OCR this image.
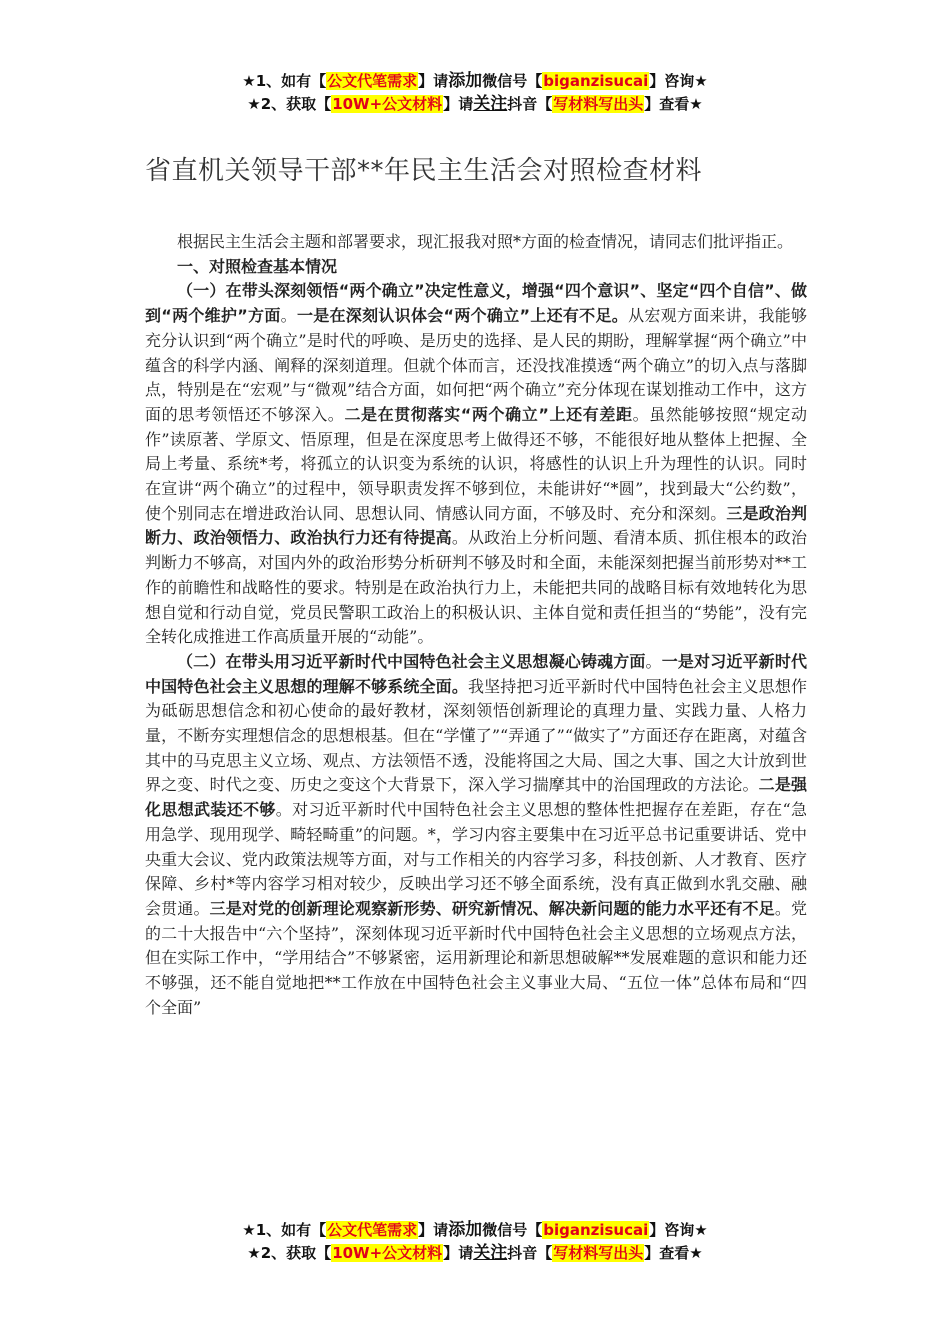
★1、如有【公文代笔需求】请添加微信号【biganzisucai】咨询★
★2、获取【10W+公文材料】请关注抖音【写材料写出头】查看★
省直机关领导干部**年民主生活会对照检查材料

根据民主生活会主题和部署要求，现汇报我对照*方面的检查情况，请同志们批评指正。

一、对照检查基本情况

（一）在带头深刻领悟“两个确立”决定性意义，增强“四个意识”、坚定“四个自信”、做到“两个维护”方面。一是在深刻认识体会“两个确立”上还有不足。从宏观方面来讲，我能够充分认识到“两个确立”是时代的呼唤、是历史的选择、是人民的期盼，理解掌握“两个确立”中蕴含的科学内涵、阐释的深刻道理。但就个体而言，还没找准摸透“两个确立”的切入点与落脚点，特别是在“宏观”与“微观”结合方面，如何把“两个确立”充分体现在谋划推动工作中，这方面的思考领悟还不够深入。二是在贯彻落实“两个确立”上还有差距。虽然能够按照“规定动作”读原著、学原文、悟原理，但是在深度思考上做得还不够，不能很好地从整体上把握、全局上考量、系统*考，将孤立的认识变为系统的认识，将感性的认识上升为理性的认识。同时在宣讲“两个确立”的过程中，领导职责发挥不够到位，未能讲好“*圆”，找到最大“公约数”，使个别同志在增进政治认同、思想认同、情感认同方面，不够及时、充分和深刻。三是政治判断力、政治领悟力、政治执行力还有待提高。从政治上分析问题、看清本质、抓住根本的政治判断力不够高，对国内外的政治形势分析研判不够及时和全面，未能深刻把握当前形势对**工作的前瞻性和战略性的要求。特别是在政治执行力上，未能把共同的战略目标有效地转化为思想自觉和行动自觉，党员民警职工政治上的积极认识、主体自觉和责任担当的“势能”，没有完全转化成推进工作高质量开展的“动能”。

（二）在带头用习近平新时代中国特色社会主义思想凝心铸魂方面。一是对习近平新时代中国特色社会主义思想的理解不够系统全面。我坚持把习近平新时代中国特色社会主义思想作为砥砺思想信念和初心使命的最好教材，深刻领悟创新理论的真理力量、实践力量、人格力量，不断夯实理想信念的思想根基。但在“学懂了”“弄通了”“做实了”方面还存在距离，对蕴含其中的马克思主义立场、观点、方法领悟不透，没能将国之大局、国之大事、国之大计放到世界之变、时代之变、历史之变这个大背景下，深入学习揣摩其中的治国理政的方法论。二是强化思想武装还不够。对习近平新时代中国特色社会主义思想的整体性把握存在差距，存在“急用急学、现用现学、畸轻畸重”的问题。*，学习内容主要集中在习近平总书记重要讲话、党中央重大会议、党内政策法规等方面，对与工作相关的内容学习多，科技创新、人才教育、医疗保障、乡村*等内容学习相对较少，反映出学习还不够全面系统，没有真正做到水乳交融、融会贯通。三是对党的创新理论观察新形势、研究新情况、解决新问题的能力水平还有不足。党的二十大报告中“六个坚持”，深刻体现习近平新时代中国特色社会主义思想的立场观点方法，但在实际工作中，“学用结合”不够紧密，运用新理论和新思想破解**发展难题的意识和能力还不够强，还不能自觉地把**工作放在中国特色社会主义事业大局、“五位一体”总体布局和“四个全面”

★1、如有【公文代笔需求】请添加微信号【biganzisucai】咨询★
★2、获取【10W+公文材料】请关注抖音【写材料写出头】查看★
